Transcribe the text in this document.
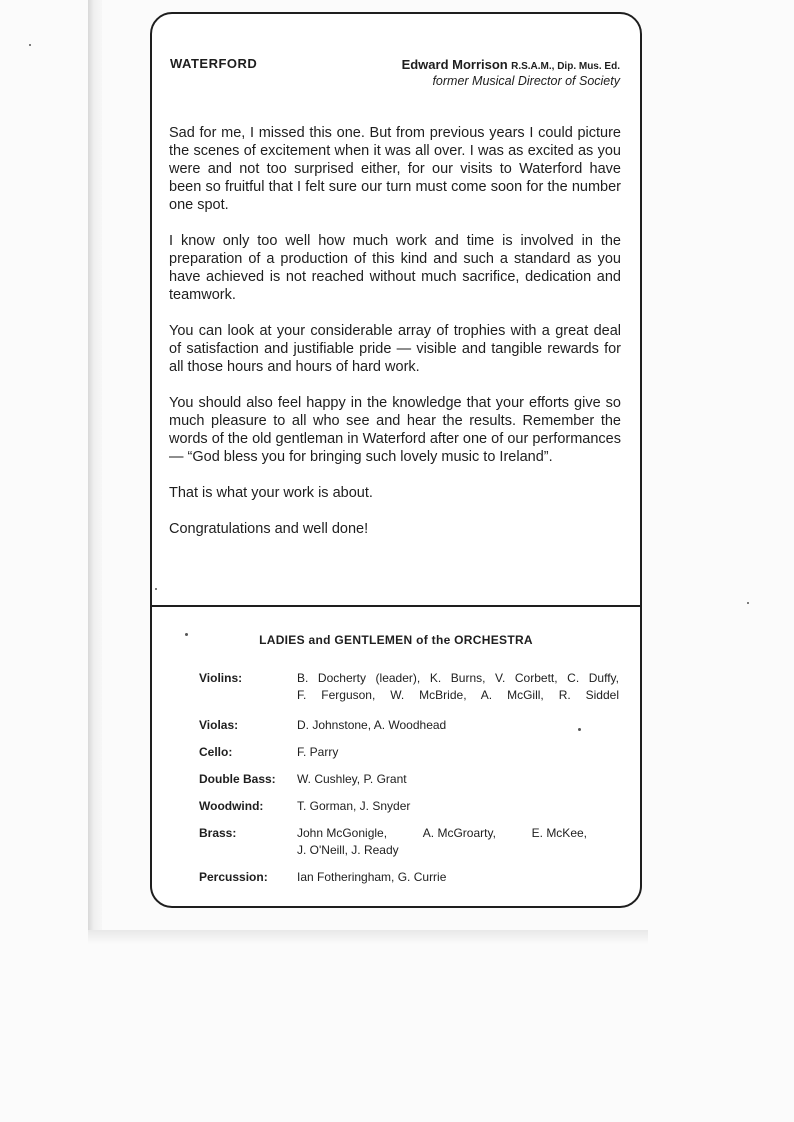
WATERFORD	Edward Morrison R.S.A.M., Dip. Mus. Ed.
former Musical Director of Society

Sad for me, I missed this one. But from previous years I could picture the scenes of excitement when it was all over. I was as excited as you were and not too surprised either, for our visits to Waterford have been so fruitful that I felt sure our turn must come soon for the number one spot.

I know only too well how much work and time is involved in the preparation of a production of this kind and such a standard as you have achieved is not reached without much sacrifice, dedication and teamwork.

You can look at your considerable array of trophies with a great deal of satisfaction and justifiable pride — visible and tangible rewards for all those hours and hours of hard work.

You should also feel happy in the knowledge that your efforts give so much pleasure to all who see and hear the results. Remember the words of the old gentleman in Waterford after one of our performances — “God bless you for bringing such lovely music to Ireland”.

That is what your work is about.

Congratulations and well done!

LADIES and GENTLEMEN of the ORCHESTRA
Violins:	B. Docherty (leader), K. Burns, V. Corbett, C. Duffy,
F. Ferguson, W. McBride, A. McGill, R. Siddel
Violas:	D. Johnstone, A. Woodhead
Cello:	F. Parry
Double Bass:	W. Cushley, P. Grant
Woodwind:	T. Gorman, J. Snyder
Brass:	John McGonigle,	A. McGroarty,	E. McKee,
J. O'Neill, J. Ready
Percussion:	Ian Fotheringham, G. Currie
